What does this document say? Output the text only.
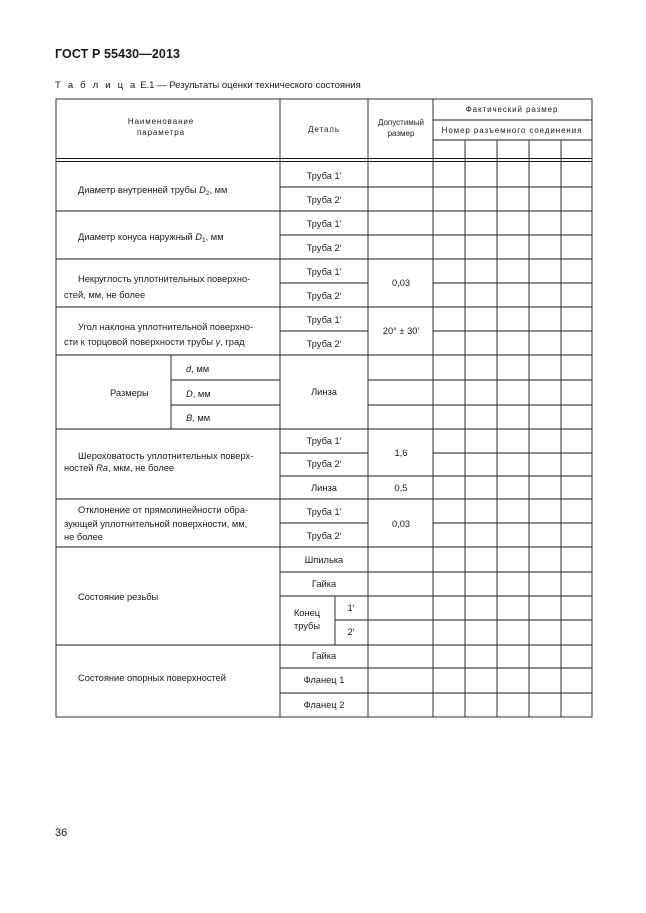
ГОСТ Р 55430—2013
Т а б л и ц а Е.1 — Результаты оценки технического состояния
Наименование
параметра	Деталь
Допустимый
размер
Фактический размер
Номер разъемного соединения
Диаметр внутренней трубы $D_2$, мм
Труба 1′
Труба 2′
Диаметр конуса наружный $D_1$, мм
Труба 1′
Труба 2′
Некруглость уплотнительных поверхно-
стей, мм, не более
Труба 1′
Труба 2′
0,03
Угол наклона уплотнительной поверхно-
сти к торцовой поверхности трубы γ, град
Труба 1′
Труба 2′
20° ± 30′
Размеры
d, мм
D, мм
B, мм
Линза
Шероховатость уплотнительных поверх-
ностей Ra, мкм, не более
Труба 1′
Труба 2′
Линза
1,6
0,5
Отклонение от прямолинейности обра-
зующей уплотнительной поверхности, мм,
не более
Труба 1′
Труба 2′
0,03
Состояние резьбы
Шпилька
Гайка
Конец
трубы
1′
2′
Состояние опорных поверхностей
Гайка
Фланец 1
Фланец 2
36
